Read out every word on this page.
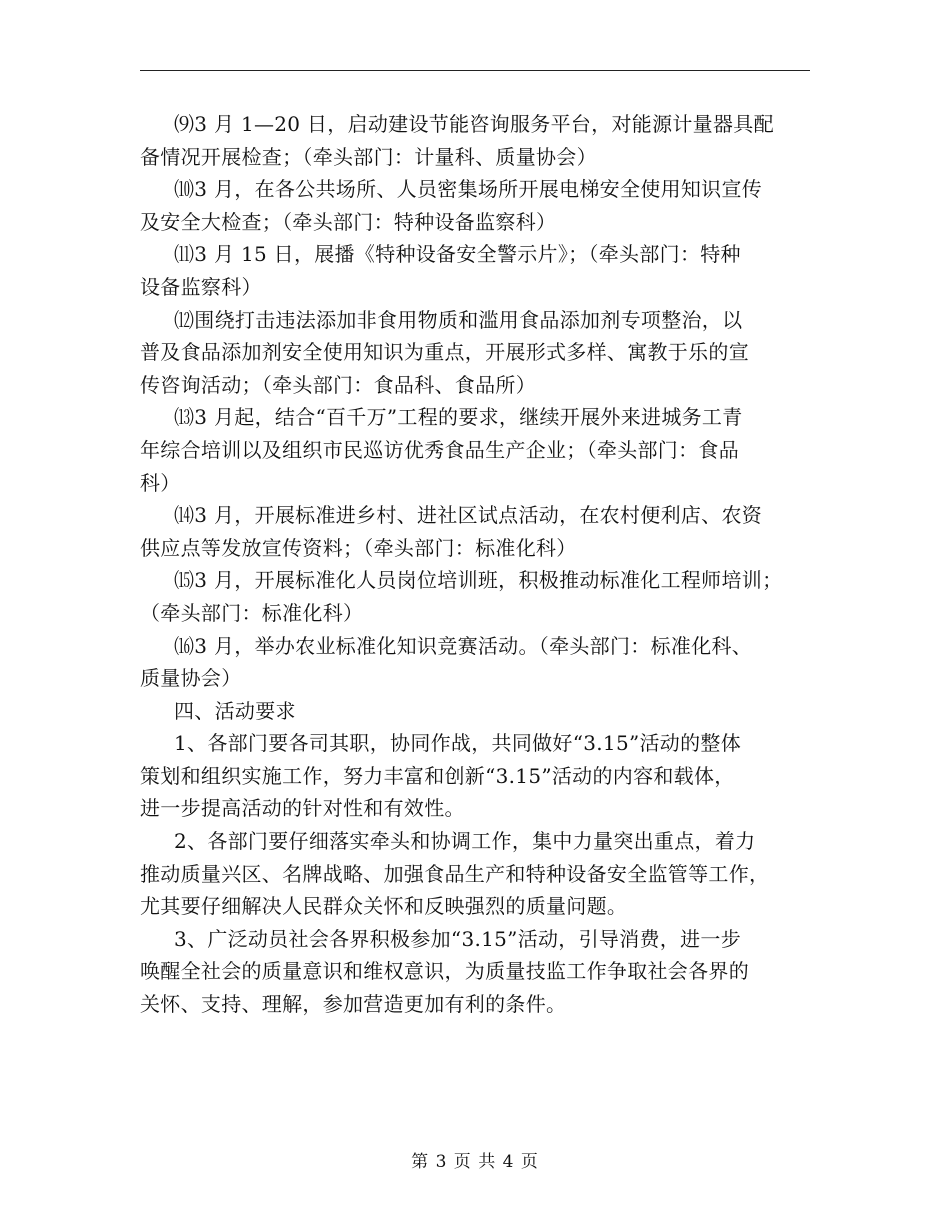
⑼3 月 1—20 日，启动建设节能咨询服务平台，对能源计量器具配
备情况开展检查；（牵头部门：计量科、质量协会）
⑽3 月，在各公共场所、人员密集场所开展电梯安全使用知识宣传
及安全大检查；（牵头部门：特种设备监察科）
⑾3 月 15 日，展播《特种设备安全警示片》；（牵头部门：特种
设备监察科）
⑿围绕打击违法添加非食用物质和滥用食品添加剂专项整治，以
普及食品添加剂安全使用知识为重点，开展形式多样、寓教于乐的宣
传咨询活动；（牵头部门：食品科、食品所）
⒀3 月起，结合“百千万”工程的要求，继续开展外来进城务工青
年综合培训以及组织市民巡访优秀食品生产企业；（牵头部门：食品
科）
⒁3 月，开展标准进乡村、进社区试点活动，在农村便利店、农资
供应点等发放宣传资料；（牵头部门：标准化科）
⒂3 月，开展标准化人员岗位培训班，积极推动标准化工程师培训；
（牵头部门：标准化科）
⒃3 月，举办农业标准化知识竞赛活动。（牵头部门：标准化科、
质量协会）
四、活动要求
1、各部门要各司其职，协同作战，共同做好“3.15”活动的整体
策划和组织实施工作，努力丰富和创新“3.15”活动的内容和载体，
进一步提高活动的针对性和有效性。
2、各部门要仔细落实牵头和协调工作，集中力量突出重点，着力
推动质量兴区、名牌战略、加强食品生产和特种设备安全监管等工作，
尤其要仔细解决人民群众关怀和反映强烈的质量问题。
3、广泛动员社会各界积极参加“3.15”活动，引导消费，进一步
唤醒全社会的质量意识和维权意识，为质量技监工作争取社会各界的
关怀、支持、理解，参加营造更加有利的条件。
第 3 页 共 4 页
